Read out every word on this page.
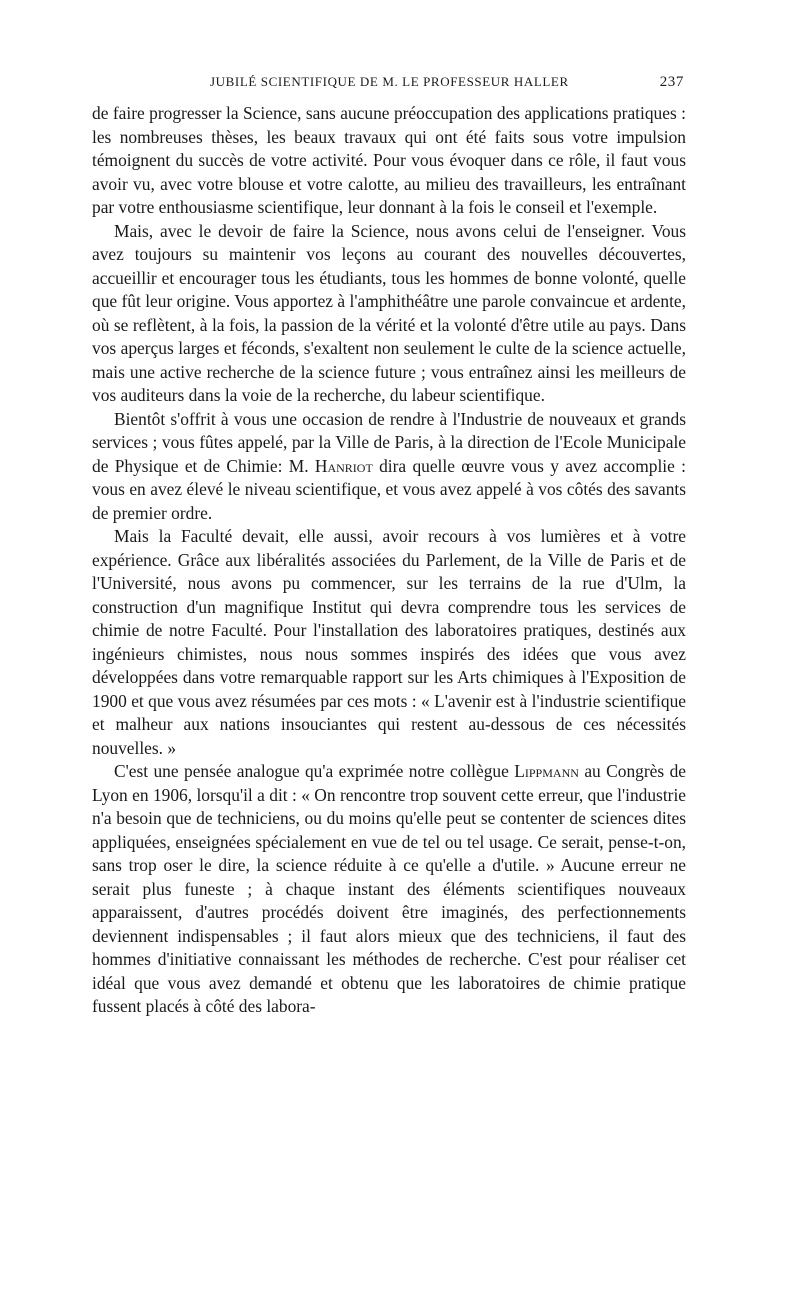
JUBILÉ SCIENTIFIQUE DE M. LE PROFESSEUR HALLER	237

de faire progresser la Science, sans aucune préoccupation des applications pratiques : les nombreuses thèses, les beaux travaux qui ont été faits sous votre impulsion témoignent du succès de votre activité. Pour vous évoquer dans ce rôle, il faut vous avoir vu, avec votre blouse et votre calotte, au milieu des travailleurs, les entraînant par votre enthousiasme scientifique, leur donnant à la fois le conseil et l'exemple.

Mais, avec le devoir de faire la Science, nous avons celui de l'enseigner. Vous avez toujours su maintenir vos leçons au courant des nouvelles découvertes, accueillir et encourager tous les étudiants, tous les hommes de bonne volonté, quelle que fût leur origine. Vous apportez à l'amphithéâtre une parole convaincue et ardente, où se reflètent, à la fois, la passion de la vérité et la volonté d'être utile au pays. Dans vos aperçus larges et féconds, s'exaltent non seulement le culte de la science actuelle, mais une active recherche de la science future ; vous entraînez ainsi les meilleurs de vos auditeurs dans la voie de la recherche, du labeur scientifique.

Bientôt s'offrit à vous une occasion de rendre à l'Industrie de nouveaux et grands services ; vous fûtes appelé, par la Ville de Paris, à la direction de l'Ecole Municipale de Physique et de Chimie: M. Hanriot dira quelle œuvre vous y avez accomplie : vous en avez élevé le niveau scientifique, et vous avez appelé à vos côtés des savants de premier ordre.

Mais la Faculté devait, elle aussi, avoir recours à vos lumières et à votre expérience. Grâce aux libéralités associées du Parlement, de la Ville de Paris et de l'Université, nous avons pu commencer, sur les terrains de la rue d'Ulm, la construction d'un magnifique Institut qui devra comprendre tous les services de chimie de notre Faculté. Pour l'installation des laboratoires pratiques, destinés aux ingénieurs chimistes, nous nous sommes inspirés des idées que vous avez développées dans votre remarquable rapport sur les Arts chimiques à l'Exposition de 1900 et que vous avez résumées par ces mots : « L'avenir est à l'industrie scientifique et malheur aux nations insouciantes qui restent au-dessous de ces nécessités nouvelles. »

C'est une pensée analogue qu'a exprimée notre collègue Lippmann au Congrès de Lyon en 1906, lorsqu'il a dit : « On rencontre trop souvent cette erreur, que l'industrie n'a besoin que de techniciens, ou du moins qu'elle peut se contenter de sciences dites appliquées, enseignées spécialement en vue de tel ou tel usage. Ce serait, pense-t-on, sans trop oser le dire, la science réduite à ce qu'elle a d'utile. » Aucune erreur ne serait plus funeste ; à chaque instant des éléments scientifiques nouveaux apparaissent, d'autres procédés doivent être imaginés, des perfectionnements deviennent indispensables ; il faut alors mieux que des techniciens, il faut des hommes d'initiative connaissant les méthodes de recherche. C'est pour réaliser cet idéal que vous avez demandé et obtenu que les laboratoires de chimie pratique fussent placés à côté des labora-
